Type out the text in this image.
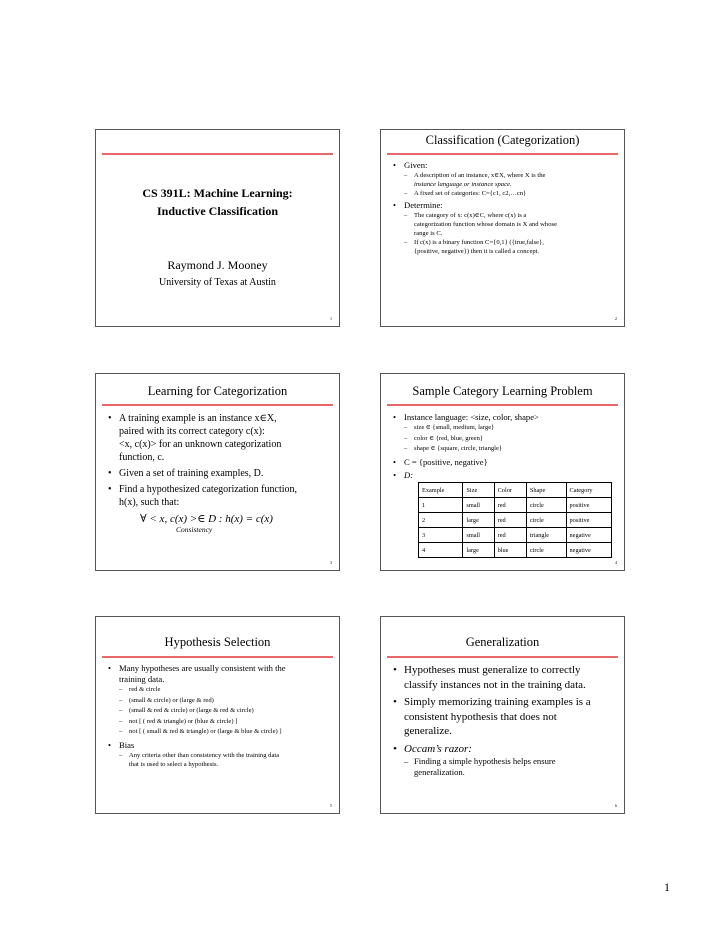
CS 391L: Machine Learning:
Inductive Classification
Raymond J. Mooney
University of Texas at Austin
1
Classification (Categorization)

• Given:

– A description of an instance, x∈X, where X is the
instance language or instance space.

– A fixed set of categories: C={c1, c2,…cn}

• Determine:

– The category of x: c(x)∈C, where c(x) is a
categorization function whose domain is X and whose
range is C.

– If c(x) is a binary function C={0,1} ({true,false},
{positive, negative}) then it is called a concept.

2
Learning for Categorization

• A training example is an instance x∈X,
paired with its correct category c(x):
<x, c(x)> for an unknown categorization
function, c.

• Given a set of training examples, D.

• Find a hypothesized categorization function,
h(x), such that:

∀ < x, c(x) >∈ D : h(x) = c(x)
Consistency
3
Sample Category Learning Problem

• Instance language: <size, color, shape>

– size ∈ {small, medium, large}

– color ∈ {red, blue, green}

– shape ∈ {square, circle, triangle}

• C = {positive, negative}

• D:

Example	Size	Color	Shape	Category
1	small	red	circle	positive
2	large	red	circle	positive
3	small	red	triangle	negative
4	large	blue	circle	negative
4
Hypothesis Selection

• Many hypotheses are usually consistent with the
training data.

– red & circle

– (small & circle) or (large & red)

– (small & red & circle) or (large & red & circle)

– not [ ( red & triangle) or (blue & circle) ]

– not [ ( small & red & triangle) or (large & blue & circle) ]

• Bias

– Any criteria other than consistency with the training data
that is used to select a hypothesis.

5
Generalization

• Hypotheses must generalize to correctly
classify instances not in the training data.

• Simply memorizing training examples is a
consistent hypothesis that does not
generalize.

• Occam’s razor:

– Finding a simple hypothesis helps ensure
generalization.

6
1
